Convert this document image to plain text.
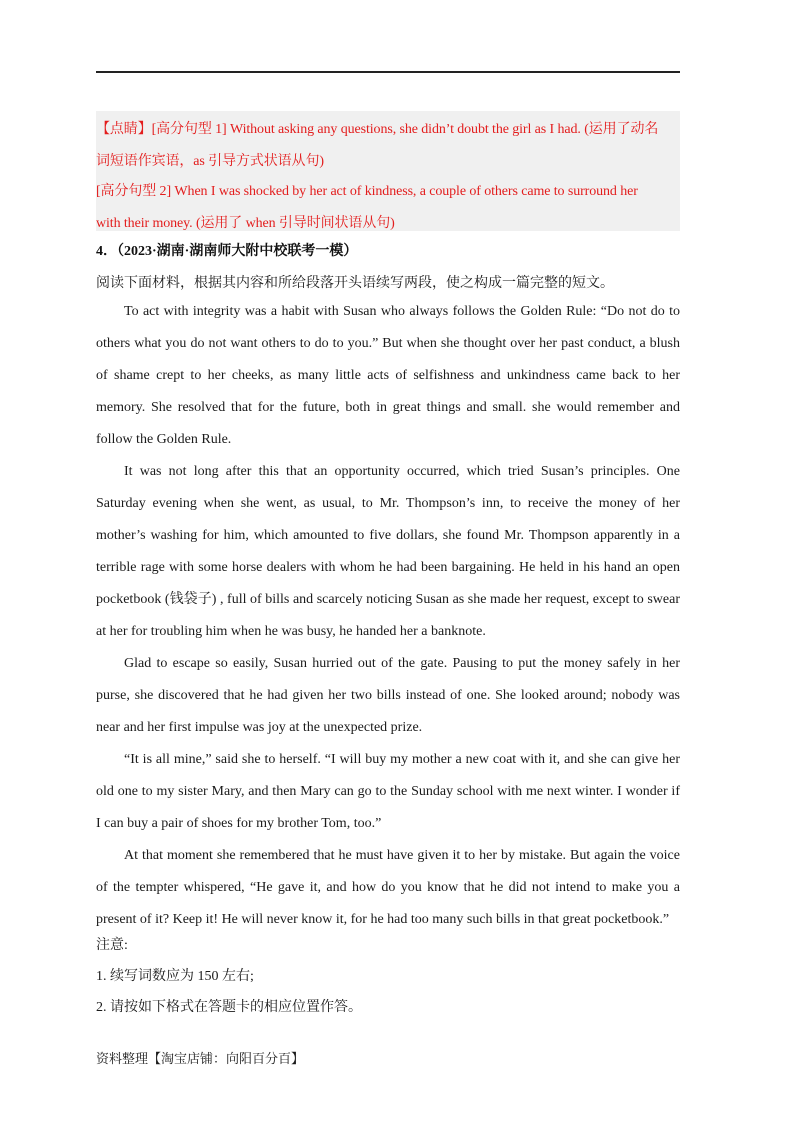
【点睛】[高分句型 1] Without asking any questions, she didn’t doubt the girl as I had. (运用了动名
词短语作宾语，as 引导方式状语从句)
[高分句型 2] When I was shocked by her act of kindness, a couple of others came to surround her
with their money. (运用了 when 引导时间状语从句)
4．（2023·湖南·湖南师大附中校联考一模）
阅读下面材料，根据其内容和所给段落开头语续写两段，使之构成一篇完整的短文。

To act with integrity was a habit with Susan who always follows the Golden Rule: “Do not do to others what you do not want others to do to you.” But when she thought over her past conduct, a blush of shame crept to her cheeks, as many little acts of selfishness and unkindness came back to her memory. She resolved that for the future, both in great things and small. she would remember and follow the Golden Rule.

It was not long after this that an opportunity occurred, which tried Susan’s principles. One Saturday evening when she went, as usual, to Mr. Thompson’s inn, to receive the money of her mother’s washing for him, which amounted to five dollars, she found Mr. Thompson apparently in a terrible rage with some horse dealers with whom he had been bargaining. He held in his hand an open pocketbook (钱袋子) , full of bills and scarcely noticing Susan as she made her request, except to swear at her for troubling him when he was busy, he handed her a banknote.

Glad to escape so easily, Susan hurried out of the gate. Pausing to put the money safely in her purse, she discovered that he had given her two bills instead of one. She looked around; nobody was near and her first impulse was joy at the unexpected prize.

“It is all mine,” said she to herself. “I will buy my mother a new coat with it, and she can give her old one to my sister Mary, and then Mary can go to the Sunday school with me next winter. I wonder if I can buy a pair of shoes for my brother Tom, too.”

At that moment she remembered that he must have given it to her by mistake. But again the voice of the tempter whispered, “He gave it, and how do you know that he did not intend to make you a present of it? Keep it! He will never know it, for he had too many such bills in that great pocketbook.”

注意:
1. 续写词数应为 150 左右;
2. 请按如下格式在答题卡的相应位置作答。
资料整理【淘宝店铺：向阳百分百】
